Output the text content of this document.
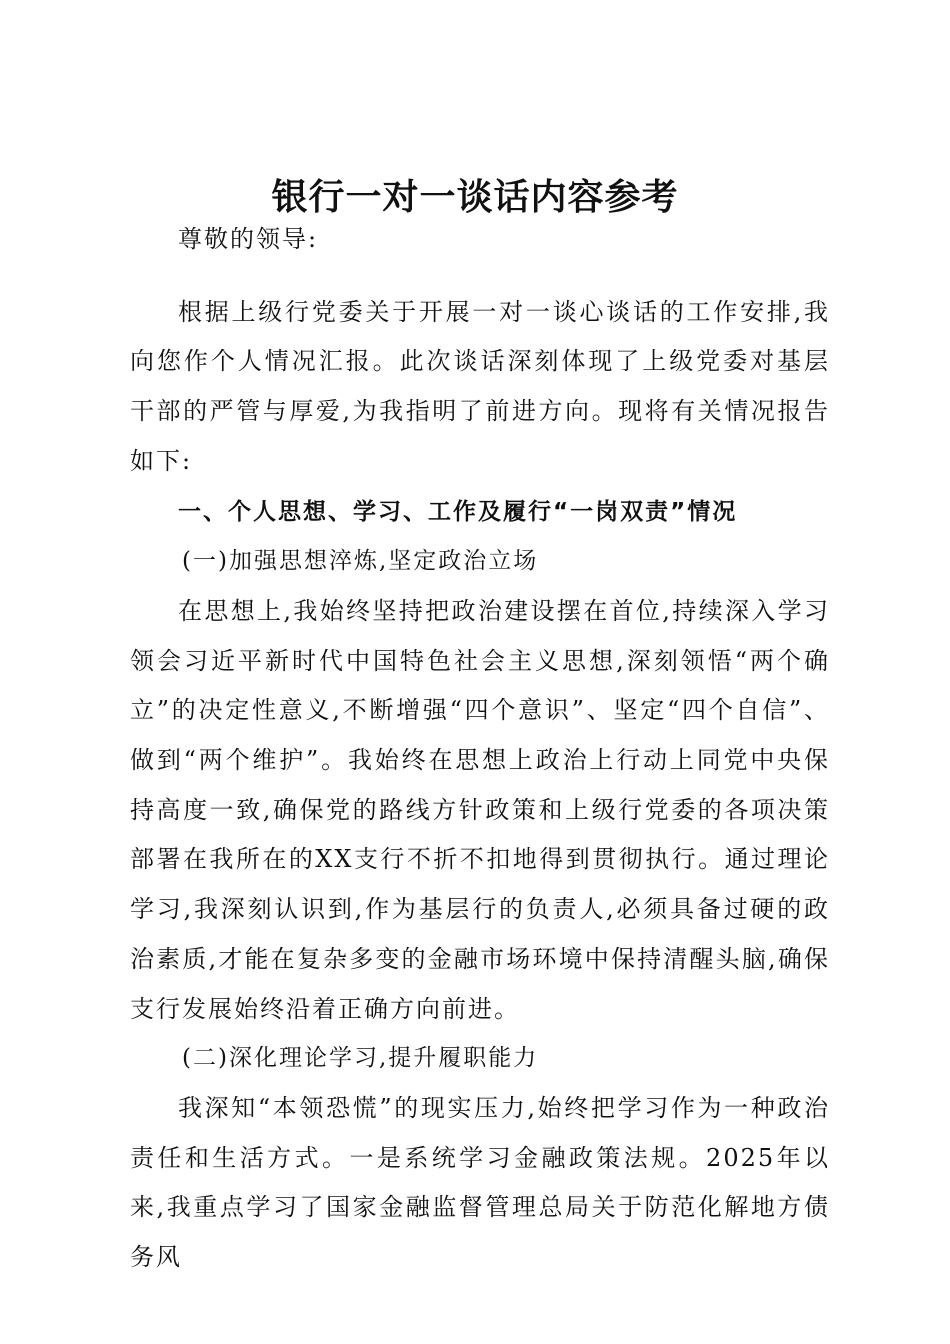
银行一对一谈话内容参考

尊敬的领导:

根据上级行党委关于开展一对一谈心谈话的工作安排,我向您作个人情况汇报。此次谈话深刻体现了上级党委对基层干部的严管与厚爱,为我指明了前进方向。现将有关情况报告如下:

一、个人思想、学习、工作及履行“一岗双责”情况

(一)加强思想淬炼,坚定政治立场

在思想上,我始终坚持把政治建设摆在首位,持续深入学习领会习近平新时代中国特色社会主义思想,深刻领悟“两个确立”的决定性意义,不断增强“四个意识”、坚定“四个自信”、做到“两个维护”。我始终在思想上政治上行动上同党中央保持高度一致,确保党的路线方针政策和上级行党委的各项决策部署在我所在的XX支行不折不扣地得到贯彻执行。通过理论学习,我深刻认识到,作为基层行的负责人,必须具备过硬的政治素质,才能在复杂多变的金融市场环境中保持清醒头脑,确保支行发展始终沿着正确方向前进。

(二)深化理论学习,提升履职能力

我深知“本领恐慌”的现实压力,始终把学习作为一种政治责任和生活方式。一是系统学习金融政策法规。2025年以来,我重点学习了国家金融监督管理总局关于防范化解地方债务风
